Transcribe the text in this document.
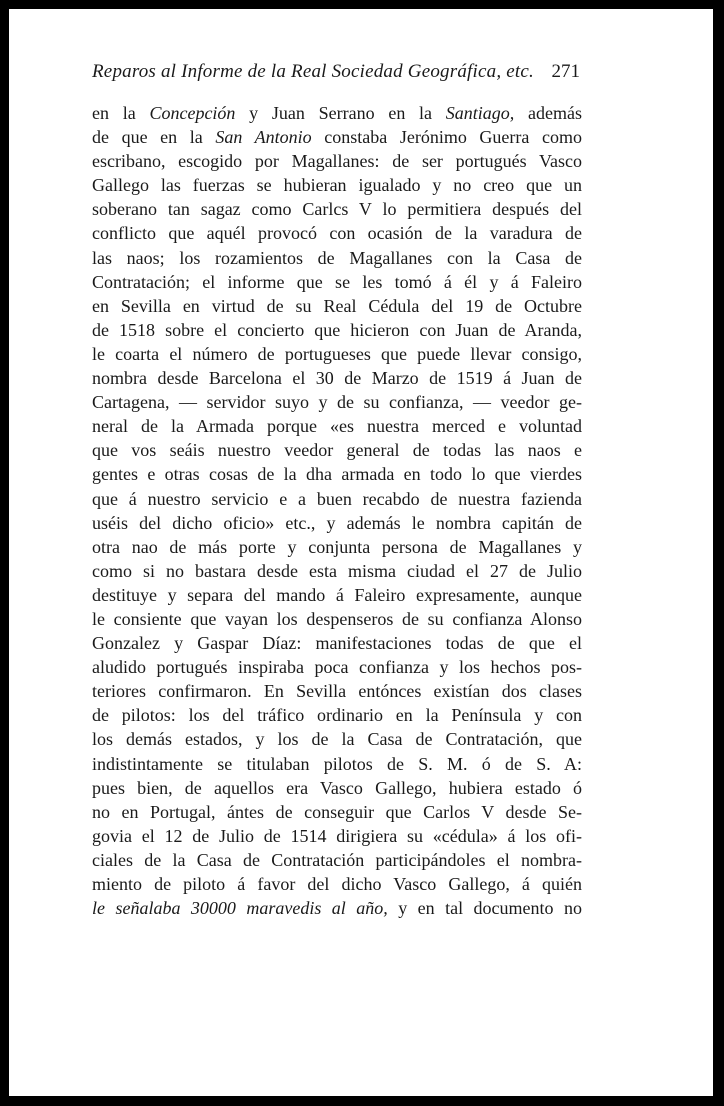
Reparos al Informe de la Real Sociedad Geográfica, etc. 271
en la Concepción y Juan Serrano en la Santiago, además
de que en la San Antonio constaba Jerónimo Guerra como
escribano, escogido por Magallanes: de ser portugués Vasco
Gallego las fuerzas se hubieran igualado y no creo que un
soberano tan sagaz como Carlcs V lo permitiera después del
conflicto que aquél provocó con ocasión de la varadura de
las naos; los rozamientos de Magallanes con la Casa de
Contratación; el informe que se les tomó á él y á Faleiro
en Sevilla en virtud de su Real Cédula del 19 de Octubre
de 1518 sobre el concierto que hicieron con Juan de Aranda,
le coarta el número de portugueses que puede llevar consigo,
nombra desde Barcelona el 30 de Marzo de 1519 á Juan de
Cartagena, — servidor suyo y de su confianza, — veedor ge-
neral de la Armada porque «es nuestra merced e voluntad
que vos seáis nuestro veedor general de todas las naos e
gentes e otras cosas de la dha armada en todo lo que vierdes
que á nuestro servicio e a buen recabdo de nuestra fazienda
uséis del dicho oficio» etc., y además le nombra capitán de
otra nao de más porte y conjunta persona de Magallanes y
como si no bastara desde esta misma ciudad el 27 de Julio
destituye y separa del mando á Faleiro expresamente, aunque
le consiente que vayan los despenseros de su confianza Alonso
Gonzalez y Gaspar Díaz: manifestaciones todas de que el
aludido portugués inspiraba poca confianza y los hechos pos-
teriores confirmaron. En Sevilla entónces existían dos clases
de pilotos: los del tráfico ordinario en la Península y con
los demás estados, y los de la Casa de Contratación, que
indistintamente se titulaban pilotos de S. M. ó de S. A:
pues bien, de aquellos era Vasco Gallego, hubiera estado ó
no en Portugal, ántes de conseguir que Carlos V desde Se-
govia el 12 de Julio de 1514 dirigiera su «cédula» á los ofi-
ciales de la Casa de Contratación participándoles el nombra-
miento de piloto á favor del dicho Vasco Gallego, á quién
le señalaba 30000 maravedis al año, y en tal documento no
